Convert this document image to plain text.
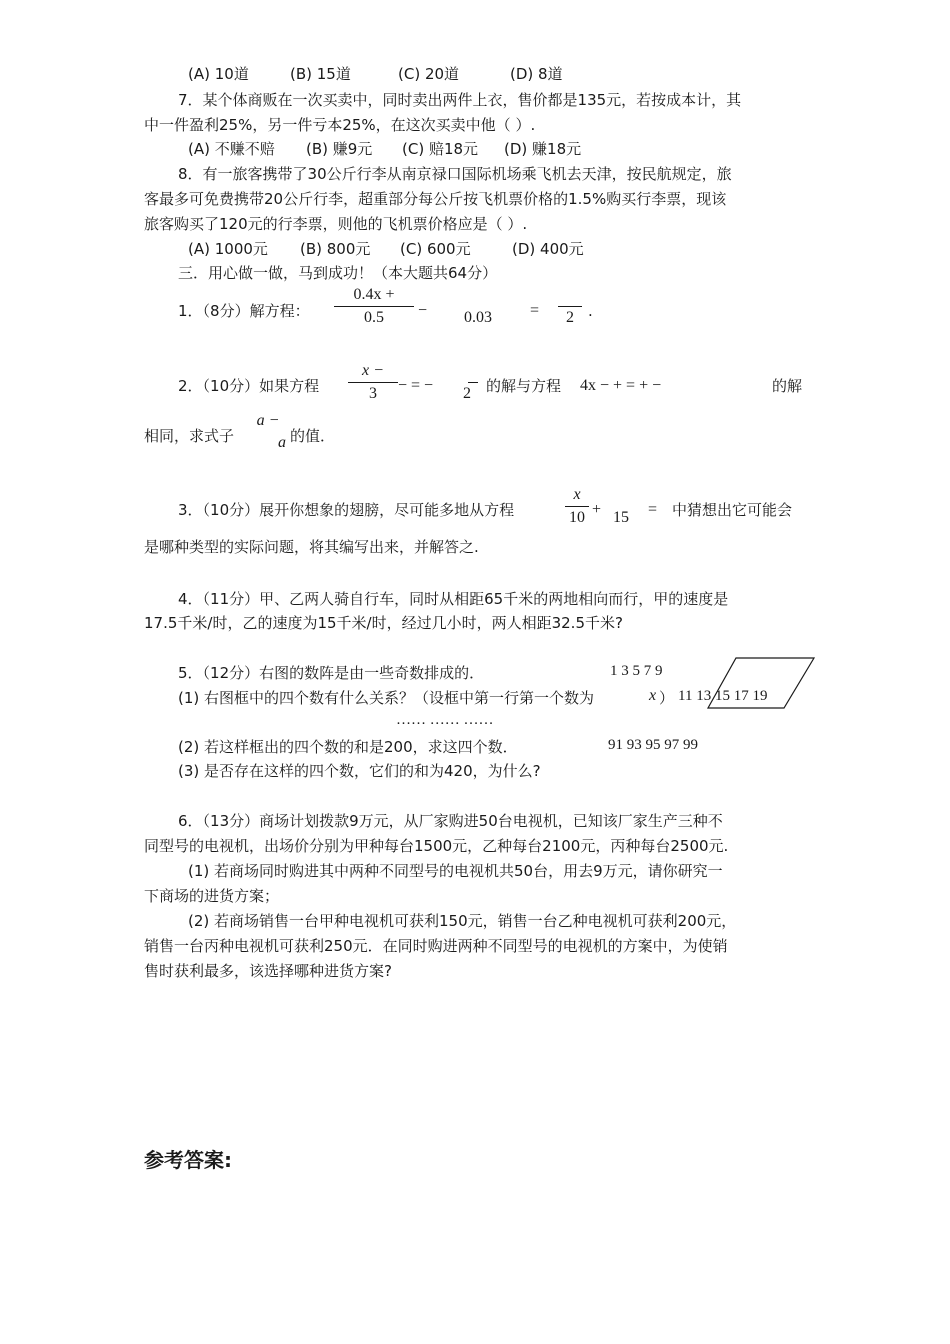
(A) 10道	(B) 15道	(C) 20道	(D) 8道
7．某个体商贩在一次买卖中，同时卖出两件上衣，售价都是135元，若按成本计，其
中一件盈利25%，另一件亏本25%，在这次买卖中他（ ）.
(A) 不赚不赔 (B) 赚9元 (C) 赔18元 (D) 赚18元
8．有一旅客携带了30公斤行李从南京禄口国际机场乘飞机去天津，按民航规定，旅
客最多可免费携带20公斤行李，超重部分每公斤按飞机票价格的1.5%购买行李票，现该
旅客购买了120元的行李票，则他的飞机票价格应是（ ）.
(A) 1000元 (B) 800元 (C) 600元	(D) 400元
三．用心做一做，马到成功！（本大题共64分）
1．（8分）解方程：
0.4x +
0.5	−
	0.03	=
	2 .
2．（10分）如果方程
x −
3	− = −
	2	的解与方程 4x − + = + −	的解
相同，求式子
a −
a 的值．
3．（10分）展开你想象的翅膀，尽可能多地从方程
x
10 +
15	= 中猜想出它可能会
是哪种类型的实际问题，将其编写出来，并解答之.
4．（11分）甲、乙两人骑自行车，同时从相距65千米的两地相向而行，甲的速度是
17.5千米/时，乙的速度为15千米/时，经过几小时，两人相距32.5千米?
5．（12分）右图的数阵是由一些奇数排成的．
(1) 右图框中的四个数有什么关系？（设框中第一行第一个数为	x ）
(2) 若这样框出的四个数的和是200，求这四个数．
(3) 是否存在这样的四个数，它们的和为420，为什么?
1 3 5 7 9
11 13 15 17 19
…… …… ……
91 93 95 97 99
6．（13分）商场计划拨款9万元，从厂家购进50台电视机，已知该厂家生产三种不
同型号的电视机，出场价分别为甲种每台1500元，乙种每台2100元，丙种每台2500元.
(1) 若商场同时购进其中两种不同型号的电视机共50台，用去9万元，请你研究一
下商场的进货方案；
(2) 若商场销售一台甲种电视机可获利150元，销售一台乙种电视机可获利200元，
销售一台丙种电视机可获利250元．在同时购进两种不同型号的电视机的方案中，为使销
售时获利最多，该选择哪种进货方案?
参考答案:
